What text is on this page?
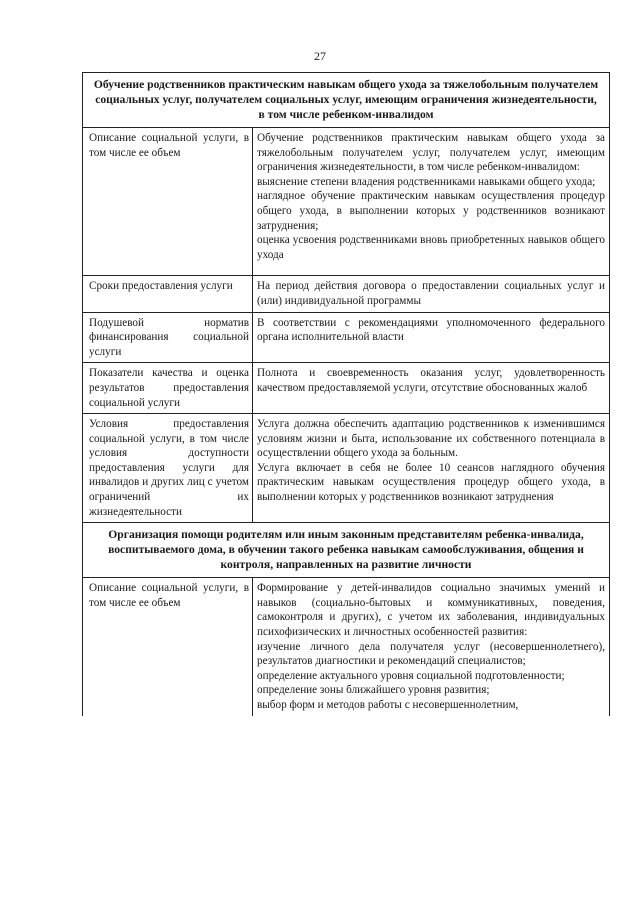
27
Обучение родственников практическим навыкам общего ухода за тяжелобольным получателем социальных услуг, получателем социальных услуг, имеющим ограничения жизнедеятельности, в том числе ребенком-инвалидом
Описание социальной услуги, в том числе ее объем

Обучение родственников практическим навыкам общего ухода за тяжелобольным получателем услуг, получателем услуг, имеющим ограничения жизнедеятельности, в том числе ребенком-инвалидом:

выяснение степени владения родственниками навыками общего ухода;

наглядное обучение практическим навыкам осуществления процедур общего ухода, в выполнении которых у родственников возникают затруднения;

оценка усвоения родственниками вновь приобретенных навыков общего ухода

Сроки предоставления услуги	На период действия договора о предоставлении социальных услуг и (или) индивидуальной программы

Подушевой норматив финансирования социальной услуги

В соответствии с рекомендациями уполномоченного федерального органа исполнительной власти

Показатели качества и оценка результатов предоставления социальной услуги

Полнота и своевременность оказания услуг, удовлетворенность качеством предоставляемой услуги, отсутствие обоснованных жалоб

Условия предоставления социальной услуги, в том числе условия доступности предоставления услуги для инвалидов и других лиц с учетом ограничений их жизнедеятельности

Услуга должна обеспечить адаптацию родственников к изменившимся условиям жизни и быта, использование их собственного потенциала в осуществлении общего ухода за больным.

Услуга включает в себя не более 10 сеансов наглядного обучения практическим навыкам осуществления процедур общего ухода, в выполнении которых у родственников возникают затруднения

Организация помощи родителям или иным законным представителям ребенка-инвалида, воспитываемого дома, в обучении такого ребенка навыкам самообслуживания, общения и контроля, направленных на развитие личности
Описание социальной услуги, в том числе ее объем

Формирование у детей-инвалидов социально значимых умений и навыков (социально-бытовых и коммуникативных, поведения, самоконтроля и других), с учетом их заболевания, индивидуальных психофизических и личностных особенностей развития:

изучение личного дела получателя услуг (несовершеннолетнего), результатов диагностики и рекомендаций специалистов;

определение актуального уровня социальной подготовленности;

определение зоны ближайшего уровня развития;

выбор форм и методов работы с несовершеннолетним,
